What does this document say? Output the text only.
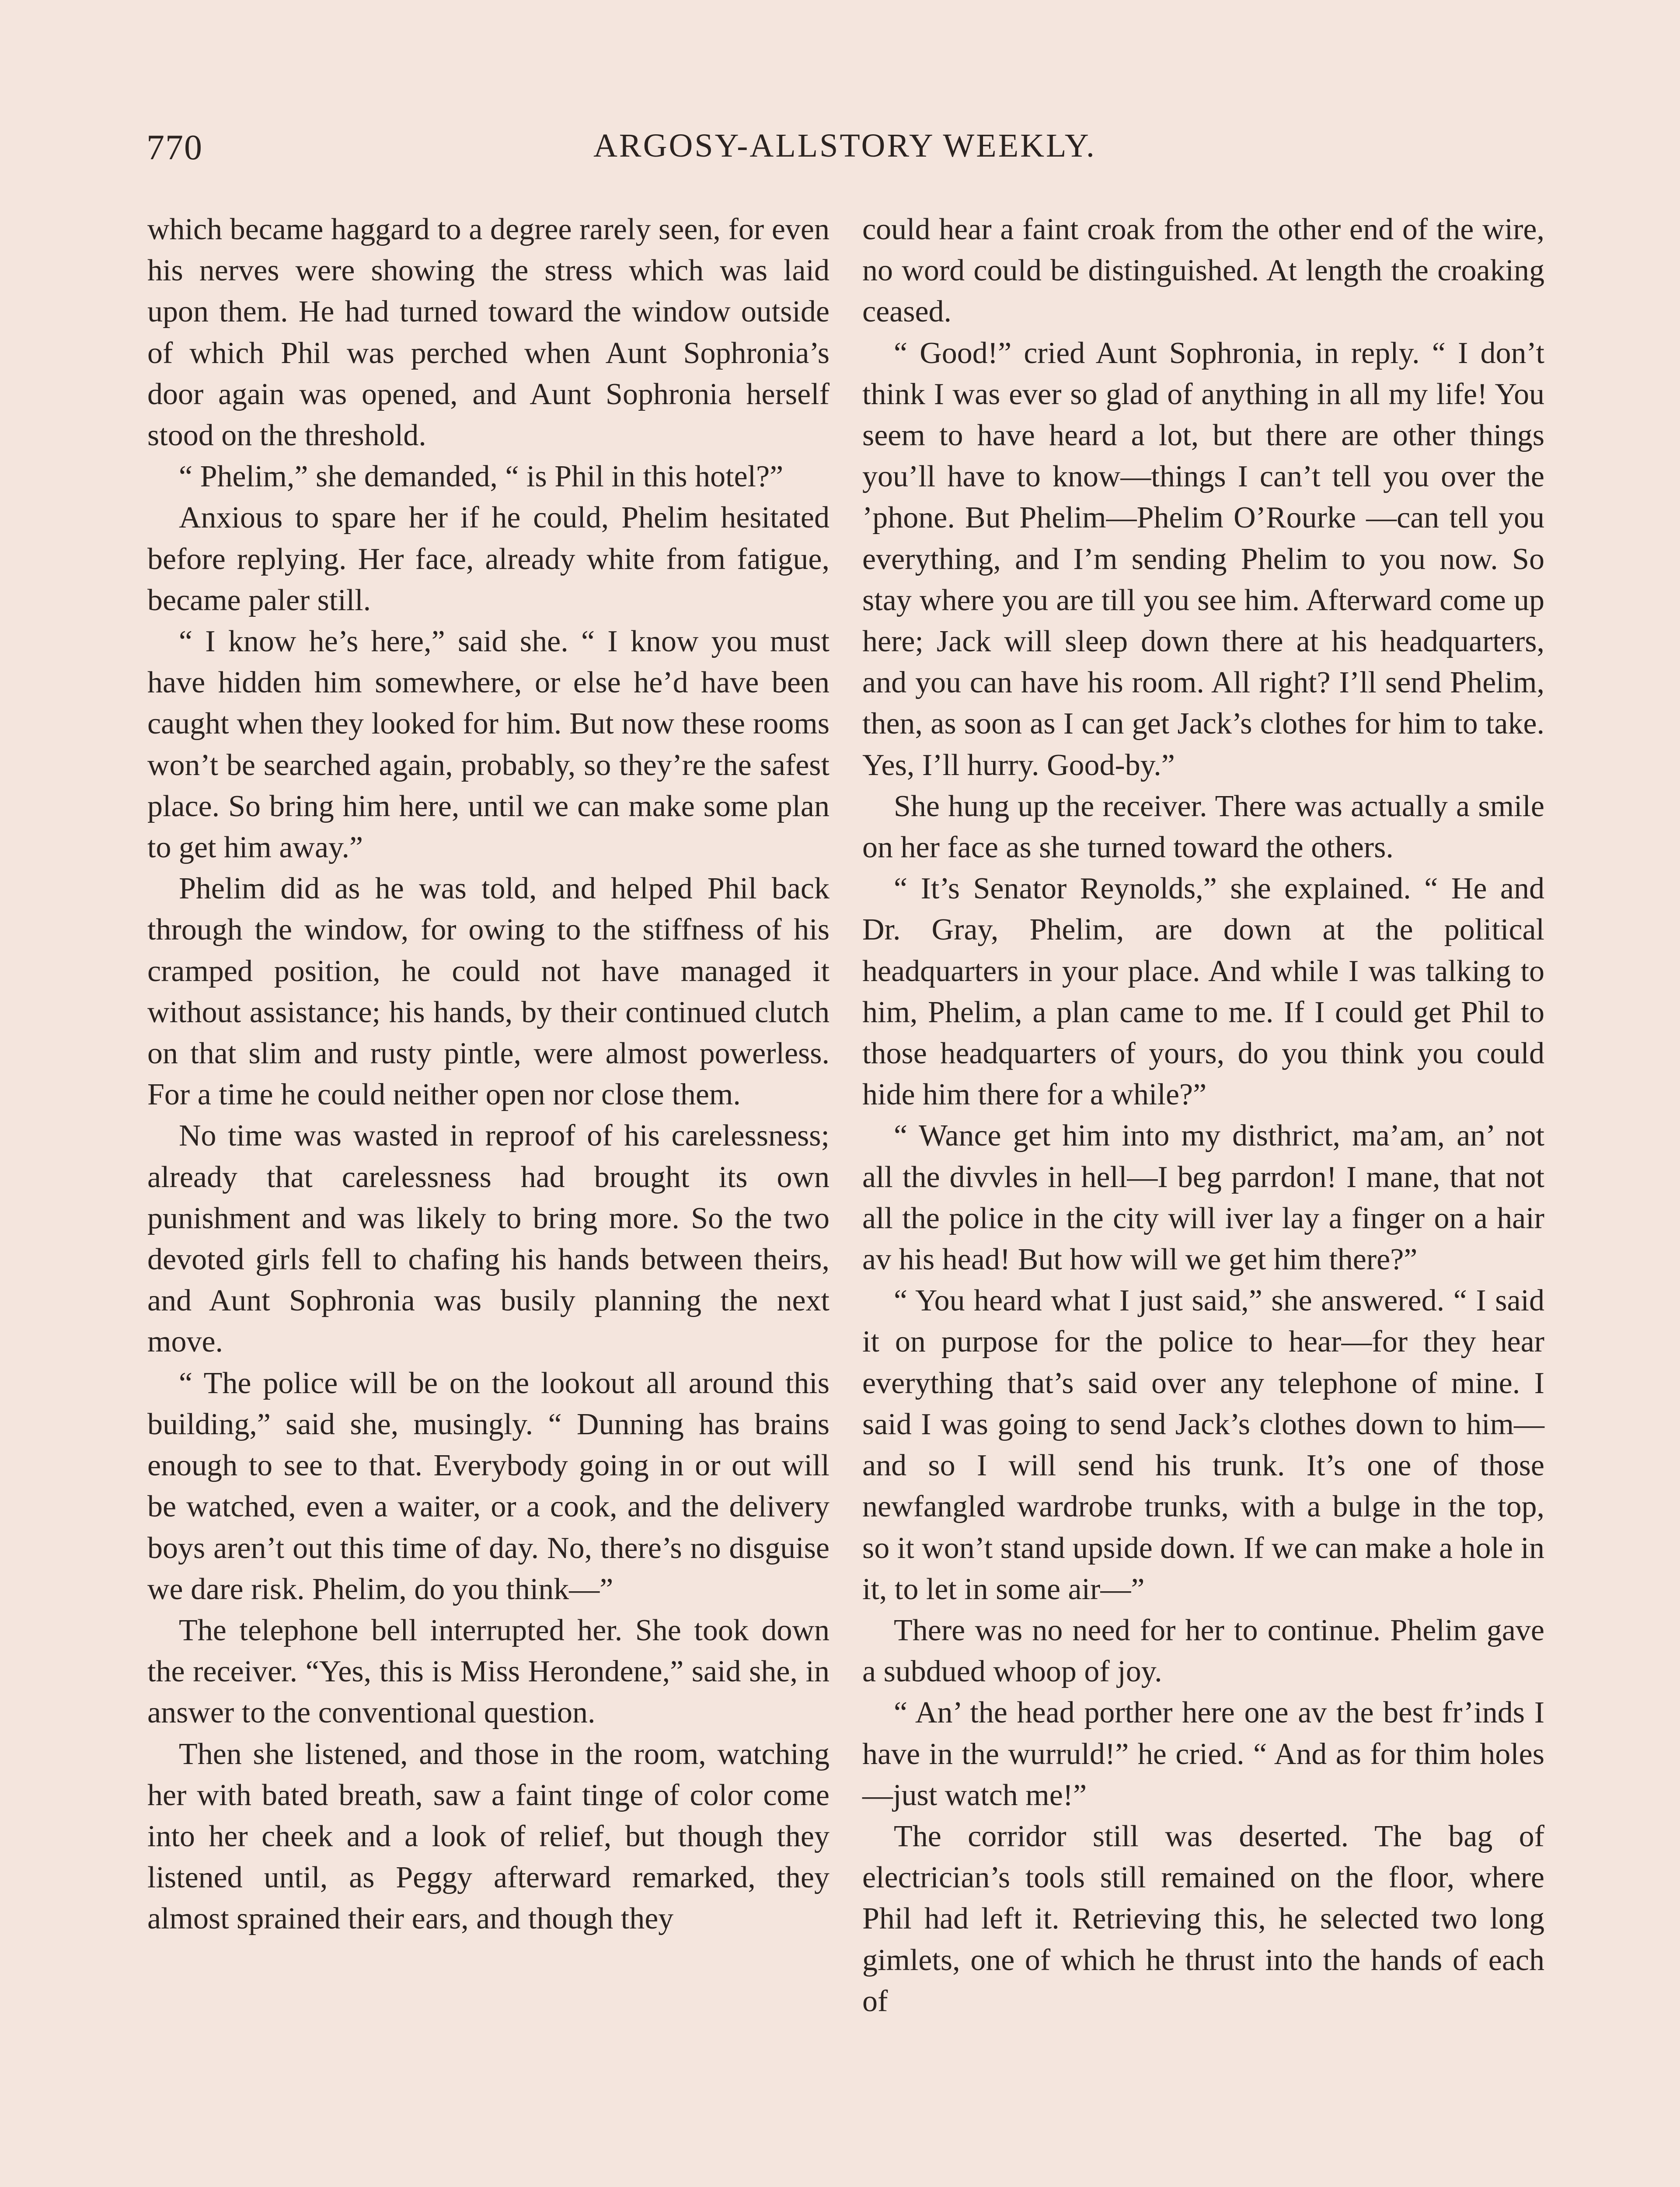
770	ARGOSY-ALLSTORY WEEKLY.

which became haggard to a degree rarely seen, for even his nerves were showing the stress which was laid upon them. He had turned toward the window outside of which Phil was perched when Aunt Sophronia’s door again was opened, and Aunt Sophronia herself stood on the threshold.

“ Phelim,” she demanded, “ is Phil in this hotel?”

Anxious to spare her if he could, Phelim hesitated before replying. Her face, already white from fatigue, became paler still.

“ I know he’s here,” said she. “ I know you must have hidden him somewhere, or else he’d have been caught when they looked for him. But now these rooms won’t be searched again, probably, so they’re the safest place. So bring him here, until we can make some plan to get him away.”

Phelim did as he was told, and helped Phil back through the window, for owing to the stiffness of his cramped position, he could not have managed it without assistance; his hands, by their continued clutch on that slim and rusty pintle, were almost powerless. For a time he could neither open nor close them.

No time was wasted in reproof of his carelessness; already that carelessness had brought its own punishment and was likely to bring more. So the two devoted girls fell to chafing his hands between theirs, and Aunt Sophronia was busily planning the next move.

“ The police will be on the lookout all around this building,” said she, musingly. “ Dunning has brains enough to see to that. Everybody going in or out will be watched, even a waiter, or a cook, and the delivery boys aren’t out this time of day. No, there’s no disguise we dare risk. Phelim, do you think—”

The telephone bell interrupted her. She took down the receiver. “Yes, this is Miss Herondene,” said she, in answer to the conventional question.

Then she listened, and those in the room, watching her with bated breath, saw a faint tinge of color come into her cheek and a look of relief, but though they listened until, as Peggy afterward remarked, they almost sprained their ears, and though they

could hear a faint croak from the other end of the wire, no word could be distinguished. At length the croaking ceased.

“ Good!” cried Aunt Sophronia, in reply. “ I don’t think I was ever so glad of anything in all my life! You seem to have heard a lot, but there are other things you’ll have to know—things I can’t tell you over the ’phone. But Phelim—Phelim O’Rourke —can tell you everything, and I’m sending Phelim to you now. So stay where you are till you see him. Afterward come up here; Jack will sleep down there at his headquarters, and you can have his room. All right? I’ll send Phelim, then, as soon as I can get Jack’s clothes for him to take. Yes, I’ll hurry. Good-by.”

She hung up the receiver. There was actually a smile on her face as she turned toward the others.

“ It’s Senator Reynolds,” she explained. “ He and Dr. Gray, Phelim, are down at the political headquarters in your place. And while I was talking to him, Phelim, a plan came to me. If I could get Phil to those headquarters of yours, do you think you could hide him there for a while?”

“ Wance get him into my disthrict, ma’am, an’ not all the divvles in hell—I beg parrdon! I mane, that not all the police in the city will iver lay a finger on a hair av his head! But how will we get him there?”

“ You heard what I just said,” she answered. “ I said it on purpose for the police to hear—for they hear everything that’s said over any telephone of mine. I said I was going to send Jack’s clothes down to him—and so I will send his trunk. It’s one of those newfangled wardrobe trunks, with a bulge in the top, so it won’t stand upside down. If we can make a hole in it, to let in some air—”

There was no need for her to continue. Phelim gave a subdued whoop of joy.

“ An’ the head porther here one av the best fr’inds I have in the wurruld!” he cried. “ And as for thim holes—just watch me!”

The corridor still was deserted. The bag of electrician’s tools still remained on the floor, where Phil had left it. Retrieving this, he selected two long gimlets, one of which he thrust into the hands of each of
